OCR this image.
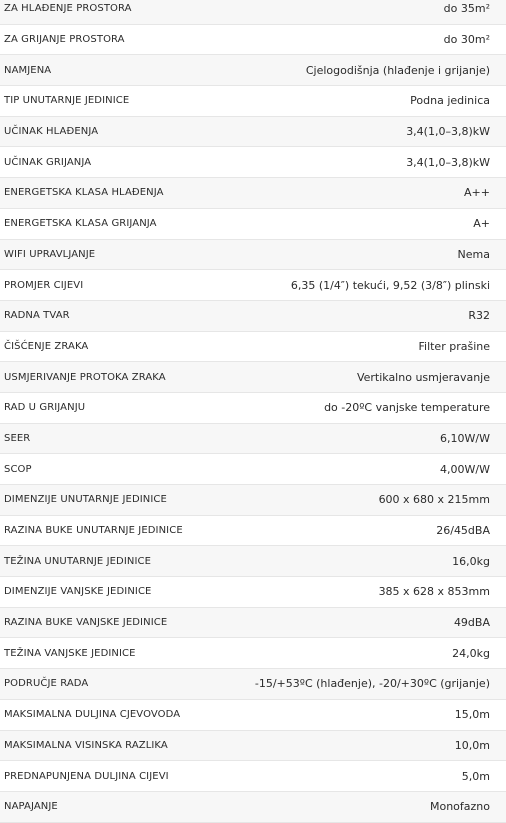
ZA HLAĐENJE PROSTORA	do 35m²
ZA GRIJANJE PROSTORA	do 30m²
NAMJENA	Cjelogodišnja (hlađenje i grijanje)
TIP UNUTARNJE JEDINICE	Podna jedinica
UČINAK HLAĐENJA	3,4(1,0–3,8)kW
UČINAK GRIJANJA	3,4(1,0–3,8)kW
ENERGETSKA KLASA HLAĐENJA	A++
ENERGETSKA KLASA GRIJANJA	A+
WIFI UPRAVLJANJE	Nema
PROMJER CIJEVI	6,35 (1/4″) tekući, 9,52 (3/8″) plinski
RADNA TVAR	R32
ČIŠĆENJE ZRAKA	Filter prašine
USMJERIVANJE PROTOKA ZRAKA	Vertikalno usmjeravanje
RAD U GRIJANJU	do -20ºC vanjske temperature
SEER	6,10W/W
SCOP	4,00W/W
DIMENZIJE UNUTARNJE JEDINICE	600 x 680 x 215mm
RAZINA BUKE UNUTARNJE JEDINICE	26/45dBA
TEŽINA UNUTARNJE JEDINICE	16,0kg
DIMENZIJE VANJSKE JEDINICE	385 x 628 x 853mm
RAZINA BUKE VANJSKE JEDINICE	49dBA
TEŽINA VANJSKE JEDINICE	24,0kg
PODRUČJE RADA	-15/+53ºC (hlađenje), -20/+30ºC (grijanje)
MAKSIMALNA DULJINA CJEVOVODA	15,0m
MAKSIMALNA VISINSKA RAZLIKA	10,0m
PREDNAPUNJENA DULJINA CIJEVI	5,0m
NAPAJANJE	Monofazno
